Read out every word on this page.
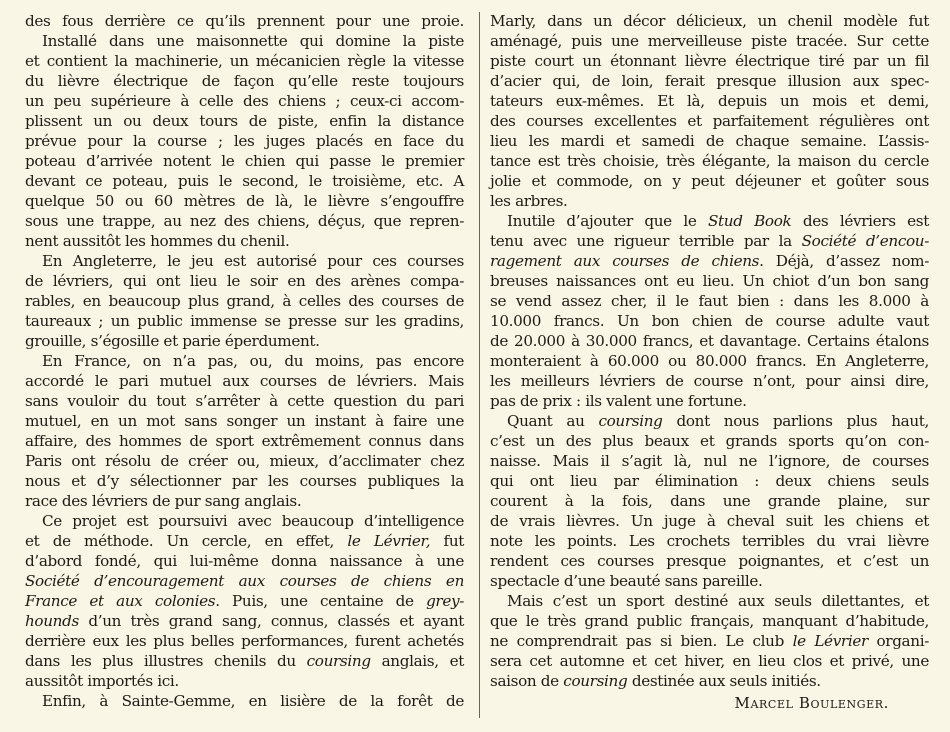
des fous derrière ce qu’ils prennent pour une proie.
Installé dans une maisonnette qui domine la piste
et contient la machinerie, un mécanicien règle la vitesse
du lièvre électrique de façon qu’elle reste toujours
un peu supérieure à celle des chiens ; ceux-ci accom-
plissent un ou deux tours de piste, enfin la distance
prévue pour la course ; les juges placés en face du
poteau d’arrivée notent le chien qui passe le premier
devant ce poteau, puis le second, le troisième, etc. A
quelque 50 ou 60 mètres de là, le lièvre s’engouffre
sous une trappe, au nez des chiens, déçus, que repren-
nent aussitôt les hommes du chenil.
En Angleterre, le jeu est autorisé pour ces courses
de lévriers, qui ont lieu le soir en des arènes compa-
rables, en beaucoup plus grand, à celles des courses de
taureaux ; un public immense se presse sur les gradins,
grouille, s’égosille et parie éperdument.
En France, on n’a pas, ou, du moins, pas encore
accordé le pari mutuel aux courses de lévriers. Mais
sans vouloir du tout s’arrêter à cette question du pari
mutuel, en un mot sans songer un instant à faire une
affaire, des hommes de sport extrêmement connus dans
Paris ont résolu de créer ou, mieux, d’acclimater chez
nous et d’y sélectionner par les courses publiques la
race des lévriers de pur sang anglais.
Ce projet est poursuivi avec beaucoup d’intelligence
et de méthode. Un cercle, en effet, le Lévrier, fut
d’abord fondé, qui lui-même donna naissance à une
Société d’encouragement aux courses de chiens en
France et aux colonies. Puis, une centaine de grey-
hounds d’un très grand sang, connus, classés et ayant
derrière eux les plus belles performances, furent achetés
dans les plus illustres chenils du coursing anglais, et
aussitôt importés ici.
Enfin, à Sainte-Gemme, en lisière de la forêt de
Marly, dans un décor délicieux, un chenil modèle fut
aménagé, puis une merveilleuse piste tracée. Sur cette
piste court un étonnant lièvre électrique tiré par un fil
d’acier qui, de loin, ferait presque illusion aux spec-
tateurs eux-mêmes. Et là, depuis un mois et demi,
des courses excellentes et parfaitement régulières ont
lieu les mardi et samedi de chaque semaine. L’assis-
tance est très choisie, très élégante, la maison du cercle
jolie et commode, on y peut déjeuner et goûter sous
les arbres.
Inutile d’ajouter que le Stud Book des lévriers est
tenu avec une rigueur terrible par la Société d’encou-
ragement aux courses de chiens. Déjà, d’assez nom-
breuses naissances ont eu lieu. Un chiot d’un bon sang
se vend assez cher, il le faut bien : dans les 8.000 à
10.000 francs. Un bon chien de course adulte vaut
de 20.000 à 30.000 francs, et davantage. Certains étalons
monteraient à 60.000 ou 80.000 francs. En Angleterre,
les meilleurs lévriers de course n’ont, pour ainsi dire,
pas de prix : ils valent une fortune.
Quant au coursing dont nous parlions plus haut,
c’est un des plus beaux et grands sports qu’on con-
naisse. Mais il s’agit là, nul ne l’ignore, de courses
qui ont lieu par élimination : deux chiens seuls
courent à la fois, dans une grande plaine, sur
de vrais lièvres. Un juge à cheval suit les chiens et
note les points. Les crochets terribles du vrai lièvre
rendent ces courses presque poignantes, et c’est un
spectacle d’une beauté sans pareille.
Mais c’est un sport destiné aux seuls dilettantes, et
que le très grand public français, manquant d’habitude,
ne comprendrait pas si bien. Le club le Lévrier organi-
sera cet automne et cet hiver, en lieu clos et privé, une
saison de coursing destinée aux seuls initiés.
Marcel Boulenger.
